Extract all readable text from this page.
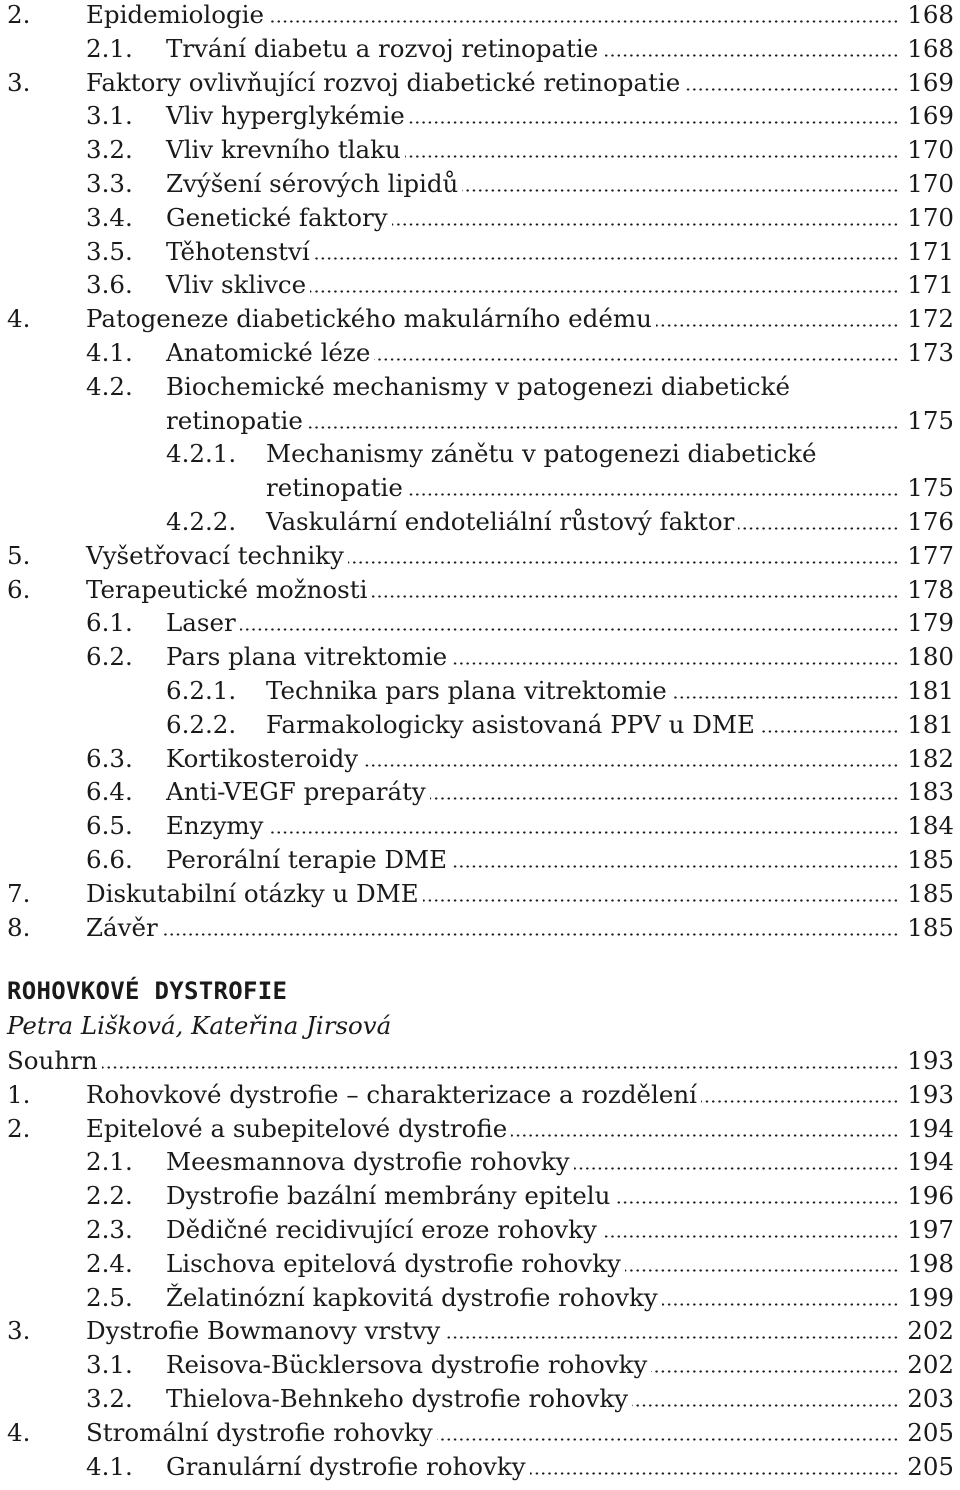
2. Epidemiologie	168
2.1. Trvání diabetu a rozvoj retinopatie	168
3. Faktory ovlivňující rozvoj diabetické retinopatie	169
3.1. Vliv hyperglykémie	169
3.2. Vliv krevního tlaku	170
3.3. Zvýšení sérových lipidů	170
3.4. Genetické faktory	170
3.5. Těhotenství	171
3.6. Vliv sklivce	171
4. Patogeneze diabetického makulárního edému	172
4.1. Anatomické léze	173
4.2. Biochemické mechanismy v patogenezi diabetické
retinopatie	175
4.2.1. Mechanismy zánětu v patogenezi diabetické
retinopatie	175
4.2.2. Vaskulární endoteliální růstový faktor	176
5. Vyšetřovací techniky	177
6. Terapeutické možnosti	178
6.1. Laser	179
6.2. Pars plana vitrektomie	180
6.2.1. Technika pars plana vitrektomie	181
6.2.2. Farmakologicky asistovaná PPV u DME	181
6.3. Kortikosteroidy	182
6.4. Anti-VEGF preparáty	183
6.5. Enzymy	184
6.6. Perorální terapie DME	185
7. Diskutabilní otázky u DME	185
8. Závěr	185
ROHOVKOVÉ DYSTROFIE
Petra Lišková, Kateřina Jirsová
Souhrn	193
1. Rohovkové dystrofie – charakterizace a rozdělení	193
2. Epitelové a subepitelové dystrofie	194
2.1. Meesmannova dystrofie rohovky	194
2.2. Dystrofie bazální membrány epitelu	196
2.3. Dědičné recidivující eroze rohovky	197
2.4. Lischova epitelová dystrofie rohovky	198
2.5. Želatinózní kapkovitá dystrofie rohovky	199
3. Dystrofie Bowmanovy vrstvy	202
3.1. Reisova-Bücklersova dystrofie rohovky	202
3.2. Thielova-Behnkeho dystrofie rohovky	203
4. Stromální dystrofie rohovky	205
4.1. Granulární dystrofie rohovky	205
